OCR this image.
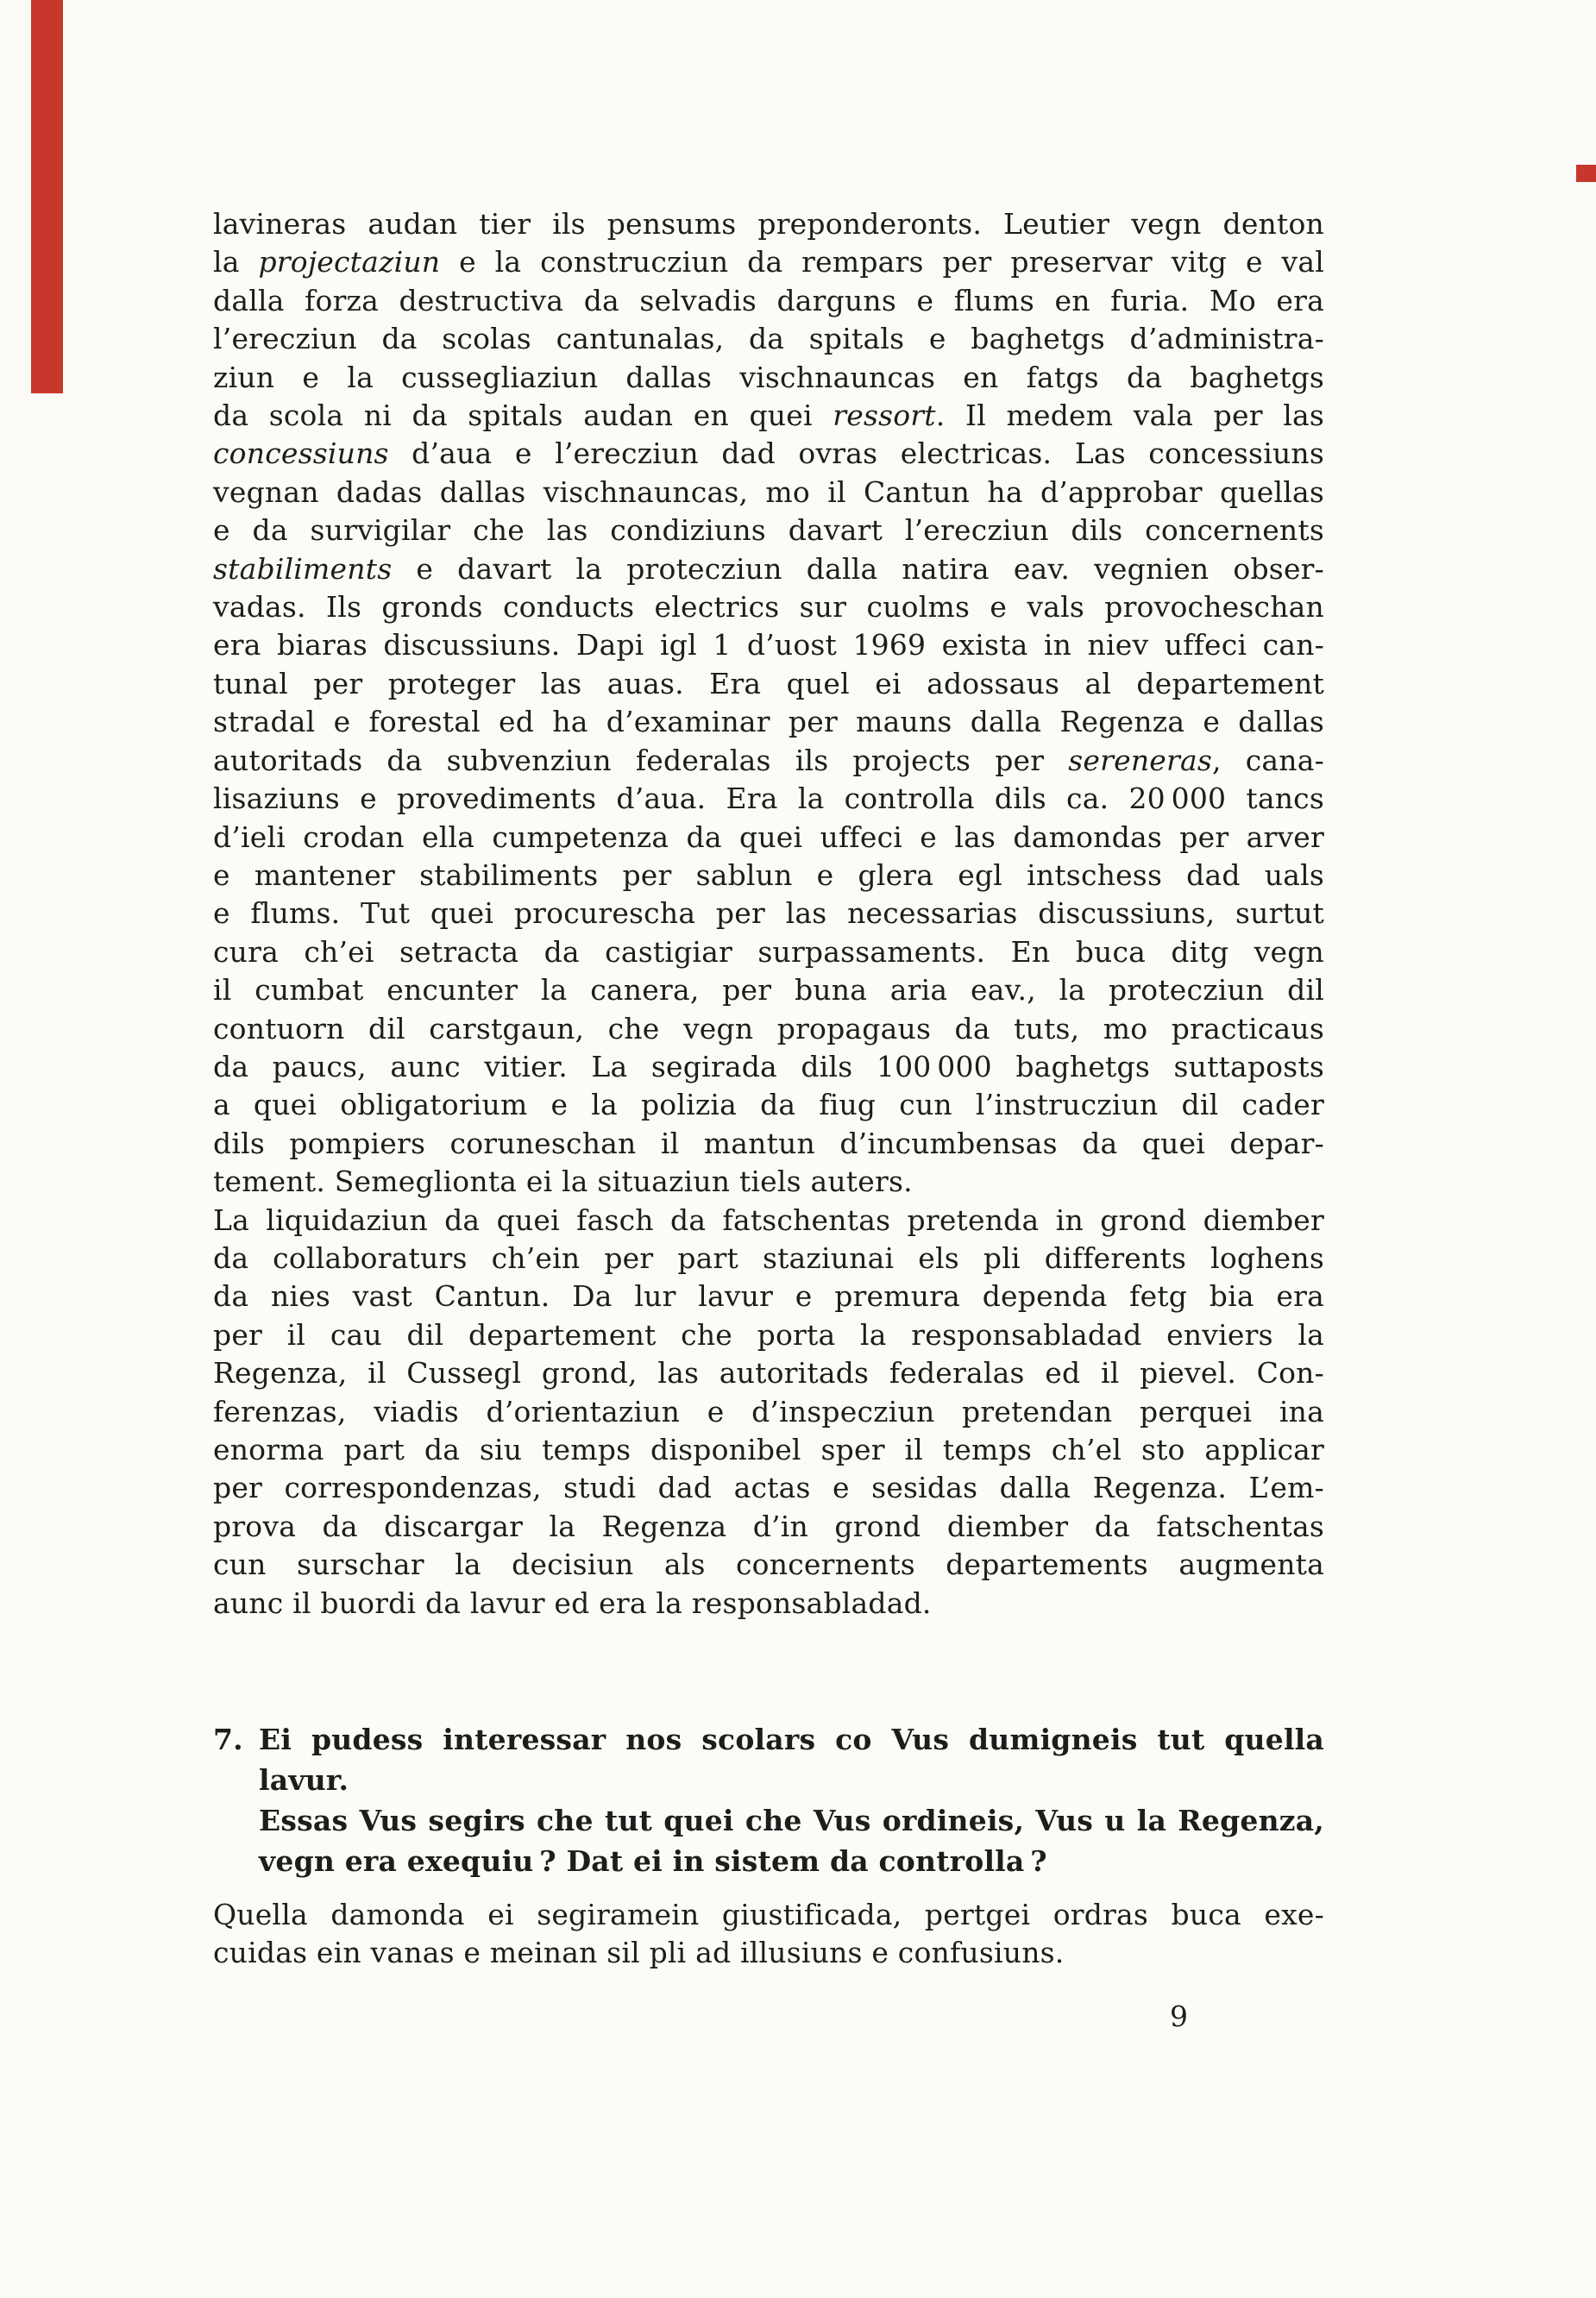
lavineras audan tier ils pensums preponderonts. Leutier vegn denton
la projectaziun e la construcziun da rempars per preservar vitg e val
dalla forza destructiva da selvadis darguns e flums en furia. Mo era
l’erecziun da scolas cantunalas, da spitals e baghetgs d’administra-
ziun e la cussegliaziun dallas vischnauncas en fatgs da baghetgs
da scola ni da spitals audan en quei ressort. Il medem vala per las
concessiuns d’aua e l’erecziun dad ovras electricas. Las concessiuns
vegnan dadas dallas vischnauncas, mo il Cantun ha d’approbar quellas
e da survigilar che las condiziuns davart l’erecziun dils concernents
stabiliments e davart la protecziun dalla natira eav. vegnien obser-
vadas. Ils gronds conducts electrics sur cuolms e vals provocheschan
era biaras discussiuns. Dapi igl 1 d’uost 1969 exista in niev uffeci can-
tunal per proteger las auas. Era quel ei adossaus al departement
stradal e forestal ed ha d’examinar per mauns dalla Regenza e dallas
autoritads da subvenziun federalas ils projects per sereneras, cana-
lisaziuns e provediments d’aua. Era la controlla dils ca. 20 000 tancs
d’ieli crodan ella cumpetenza da quei uffeci e las damondas per arver
e mantener stabiliments per sablun e glera egl intschess dad uals
e flums. Tut quei procurescha per las necessarias discussiuns, surtut
cura ch’ei setracta da castigiar surpassaments. En buca ditg vegn
il cumbat encunter la canera, per buna aria eav., la protecziun dil
contuorn dil carstgaun, che vegn propagaus da tuts, mo practicaus
da paucs, aunc vitier. La segirada dils 100 000 baghetgs suttaposts
a quei obligatorium e la polizia da fiug cun l’instrucziun dil cader
dils pompiers coruneschan il mantun d’incumbensas da quei depar-
tement. Semeglionta ei la situaziun tiels auters.
La liquidaziun da quei fasch da fatschentas pretenda in grond diember
da collaboraturs ch’ein per part staziunai els pli differents loghens
da nies vast Cantun. Da lur lavur e premura dependa fetg bia era
per il cau dil departement che porta la responsabladad enviers la
Regenza, il Cussegl grond, las autoritads federalas ed il pievel. Con-
ferenzas, viadis d’orientaziun e d’inspecziun pretendan perquei ina
enorma part da siu temps disponibel sper il temps ch’el sto applicar
per correspondenzas, studi dad actas e sesidas dalla Regenza. L’em-
prova da discargar la Regenza d’in grond diember da fatschentas
cun surschar la decisiun als concernents departements augmenta
aunc il buordi da lavur ed era la responsabladad.
7. Ei pudess interessar nos scolars co Vus dumigneis tut quella lavur.
Essas Vus segirs che tut quei che Vus ordineis, Vus u la Regenza,
vegn era exequiu ? Dat ei in sistem da controlla ?
Quella damonda ei segiramein giustificada, pertgei ordras buca exe-
cuidas ein vanas e meinan sil pli ad illusiuns e confusiuns.
9
